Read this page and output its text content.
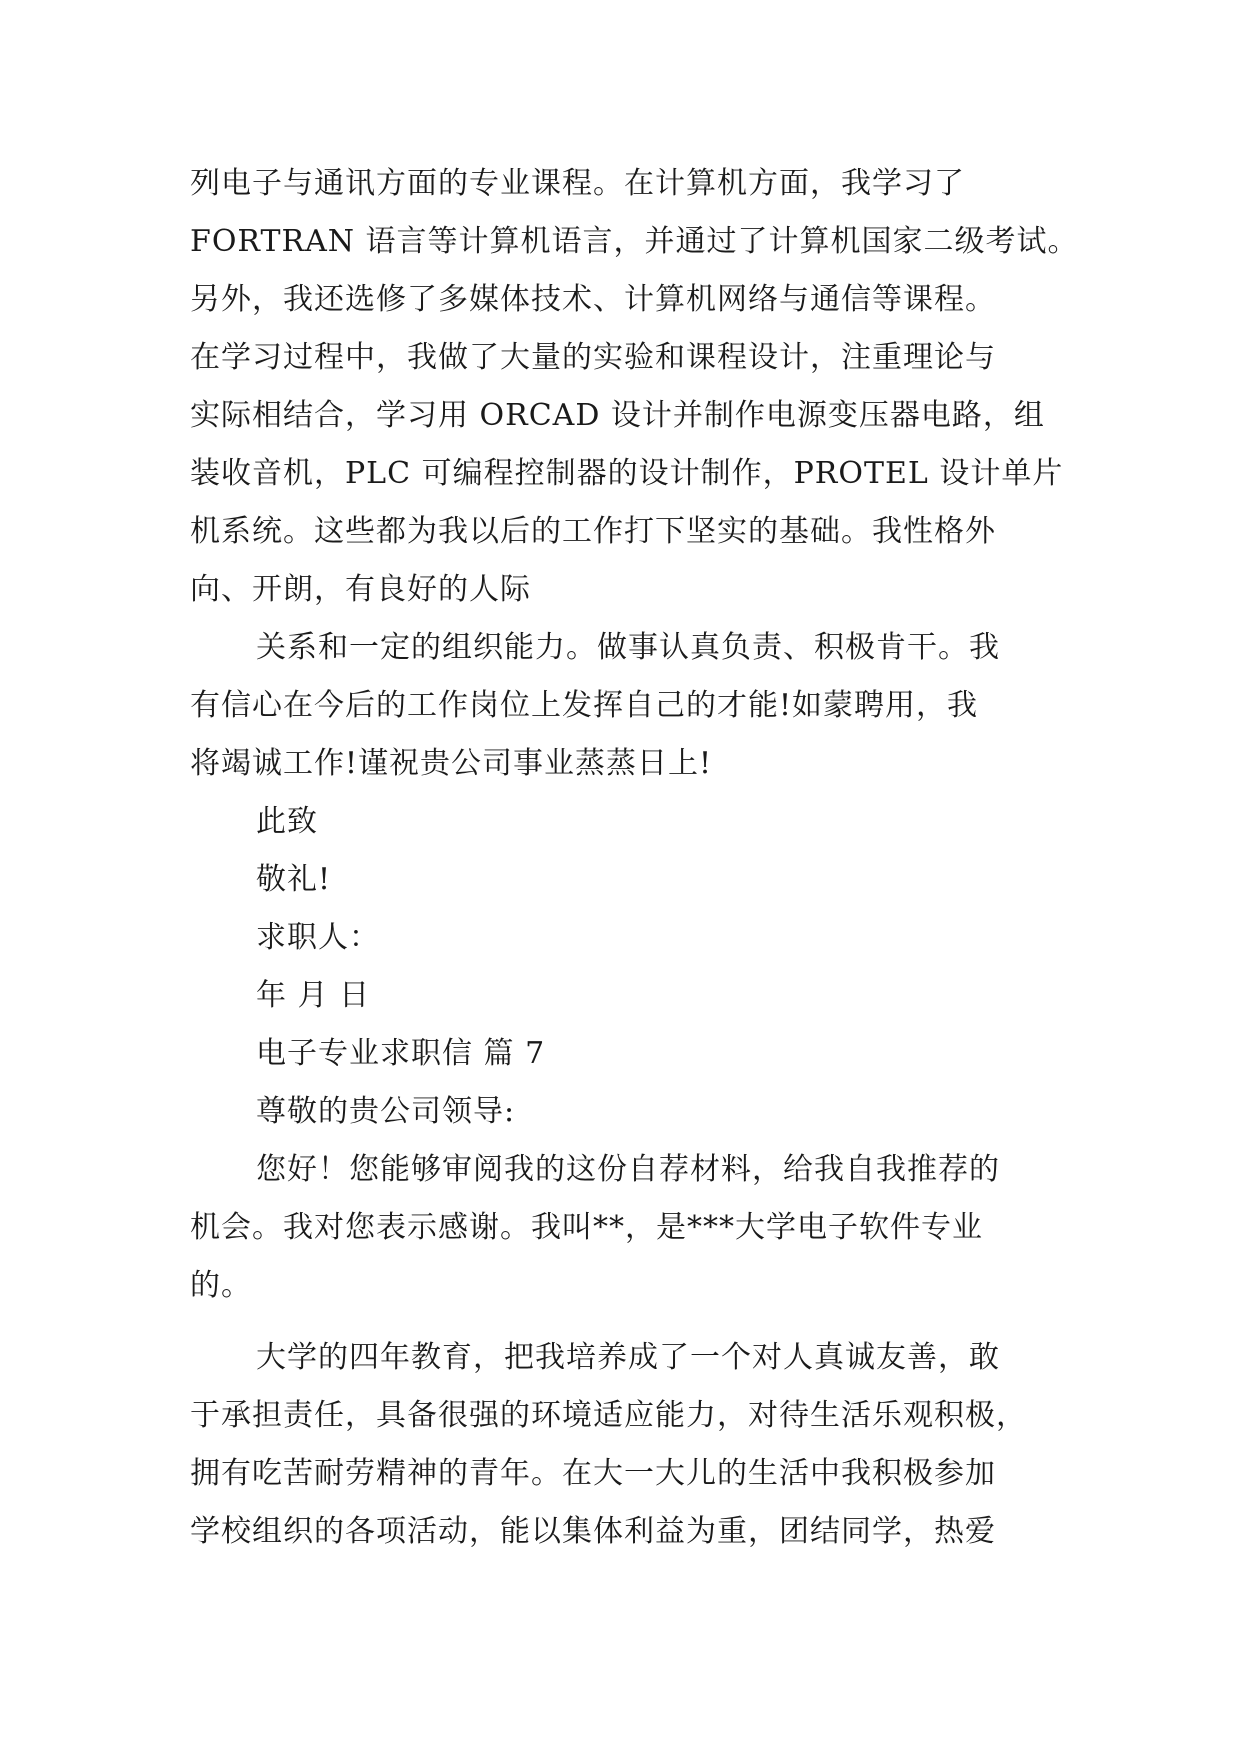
列电子与通讯方面的专业课程。在计算机方面，我学习了
FORTRAN 语言等计算机语言，并通过了计算机国家二级考试。
另外，我还选修了多媒体技术、计算机网络与通信等课程。
在学习过程中，我做了大量的实验和课程设计，注重理论与
实际相结合，学习用 ORCAD 设计并制作电源变压器电路，组
装收音机，PLC 可编程控制器的设计制作，PROTEL 设计单片
机系统。这些都为我以后的工作打下坚实的基础。我性格外
向、开朗，有良好的人际
关系和一定的组织能力。做事认真负责、积极肯干。我
有信心在今后的工作岗位上发挥自己的才能!如蒙聘用，我
将竭诚工作!谨祝贵公司事业蒸蒸日上!
此致
敬礼!
求职人：
年 月 日
电子专业求职信 篇 7
尊敬的贵公司领导:
您好！您能够审阅我的这份自荐材料，给我自我推荐的
机会。我对您表示感谢。我叫**，是***大学电子软件专业
的。
大学的四年教育，把我培养成了一个对人真诚友善，敢
于承担责任，具备很强的环境适应能力，对待生活乐观积极，
拥有吃苦耐劳精神的青年。在大一大儿的生活中我积极参加
学校组织的各项活动，能以集体利益为重，团结同学，热爱
